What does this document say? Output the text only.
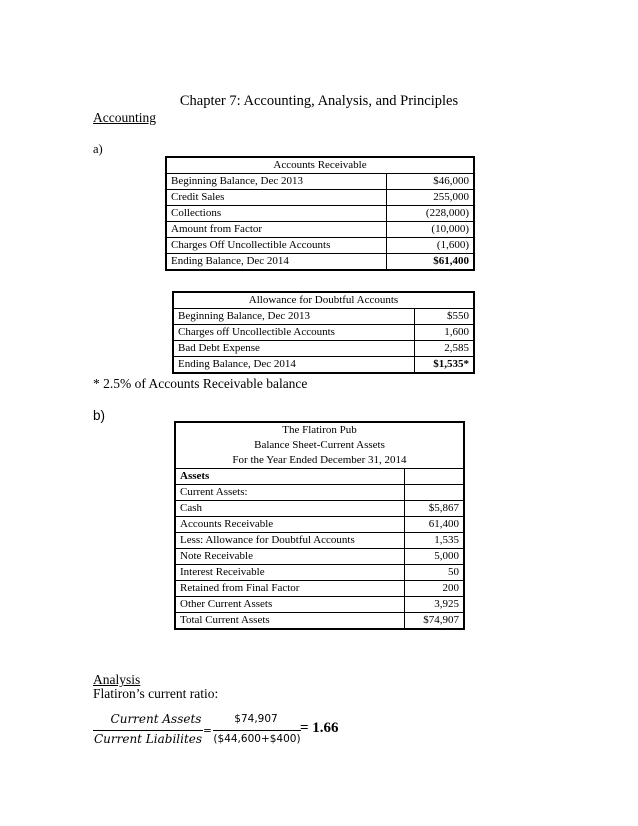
Chapter 7: Accounting, Analysis, and Principles
Accounting
a)
Accounts Receivable	
Beginning Balance, Dec 2013	$46,000
Credit Sales	255,000
Collections	(228,000)
Amount from Factor	(10,000)
Charges Off Uncollectible Accounts	(1,600)
Ending Balance, Dec 2014	$61,400
Allowance for Doubtful Accounts	
Beginning Balance, Dec 2013	$550
Charges off Uncollectible Accounts	1,600
Bad Debt Expense	2,585
Ending Balance, Dec 2014	$1,535*
* 2.5% of Accounts Receivable balance
b)
The Flatiron Pub	
Balance Sheet-Current Assets	
For the Year Ended December 31, 2014	
Assets	
Current Assets:	
Cash	$5,867
Accounts Receivable	61,400
Less: Allowance for Doubtful Accounts	1,535
Note Receivable	5,000
Interest Receivable	50
Retained from Final Factor	200
Other Current Assets	3,925
Total Current Assets	$74,907
Analysis
Flatiron’s current ratio:
Current Assets
Current Liabilites
=
$74,907
($44,600+$400)
= 1.66
